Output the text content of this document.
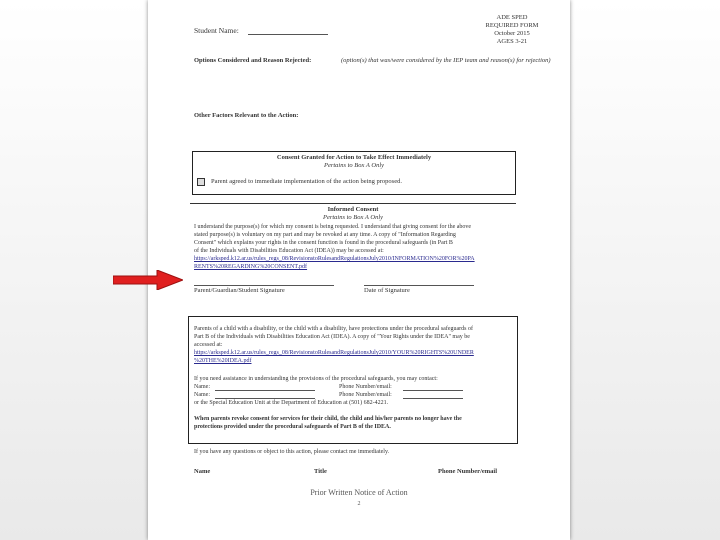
ADE SPED
REQUIRED FORM
October 2015
AGES 3-21
Student Name:
Options Considered and Reason Rejected:	(option(s) that was/were considered by the IEP team and reason(s) for rejection)
Other Factors Relevant to the Action:
Consent Granted for Action to Take Effect Immediately
Pertains to Box A Only
Parent agreed to immediate implementation of the action being proposed.
Informed Consent
Pertains to Box A Only
I understand the purpose(s) for which my consent is being requested. I understand that giving consent for the above
stated purpose(s) is voluntary on my part and may be revoked at any time. A copy of "Information Regarding
Consent" which explains your rights in the consent function is found in the procedural safeguards (in Part B
of the Individuals with Disabilities Education Act (IDEA)) may be accessed at:
https://arksped.k12.ar.us/rules_regs_08/RevisionstoRulesandRegulationsJuly2010/INFORMATION%20FOR%20PA
RENTS%20REGARDING%20CONSENT.pdf
Parent/Guardian/Student Signature	Date of Signature
Parents of a child with a disability, or the child with a disability, have protections under the procedural safeguards of
Part B of the Individuals with Disabilities Education Act (IDEA). A copy of "Your Rights under the IDEA" may be
accessed at:
https://arksped.k12.ar.us/rules_regs_08/RevisionstoRulesandRegulationsJuly2010/YOUR%20RIGHTS%20UNDER
%20THE%20IDEA.pdf
If you need assistance in understanding the provisions of the procedural safeguards, you may contact:
Name:	Phone Number/email:
Name:	Phone Number/email:
or the Special Education Unit at the Department of Education at (501) 682-4221.
When parents revoke consent for services for their child, the child and his/her parents no longer have the
protections provided under the procedural safeguards of Part B of the IDEA.
If you have any questions or object to this action, please contact me immediately.
Name	Title	Phone Number/email
Prior Written Notice of Action
2
